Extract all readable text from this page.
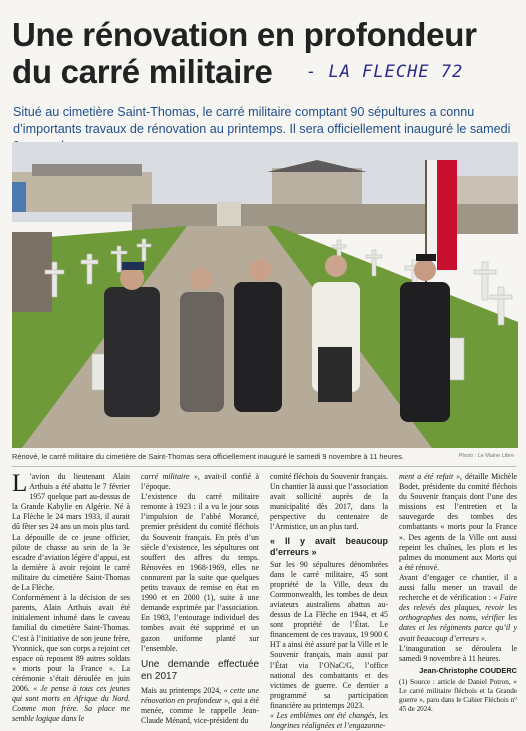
Une rénovation en profondeur
du carré militaire	- LA FLECHE 72
Situé au cimetière Saint-Thomas, le carré militaire comptant 90 sépultures a connu d’importants travaux de rénovation au printemps. Il sera officiellement inauguré le samedi
Rénové, le carré militaire du cimetière de Saint-Thomas sera officiellement inauguré le samedi 9 novembre à 11 heures.	Photo : Le Maine Libre

L ’avion du lieutenant Alain Arthuis a été abattu le 7 février 1957 quelque part au-dessus de la Grande Kabylie en Algérie. Né à La Flèche le 24 mars 1933, il aurait dû fêter ses 24 ans un mois plus tard. La dépouille de ce jeune officier, pilote de chasse au sein de la 3e escadre d’aviation légère d’appui, est la dernière à avoir rejoint le carré militaire du cimetière Saint-Thomas de La Flèche.

Conformément à la décision de ses parents, Alain Arthuis avait été initialement inhumé dans le caveau familial du cimetière Saint-Thomas. C’est à l’initiative de son jeune frère, Yvonnick, que son corps a rejoint cet espace où reposent 89 autres soldats « morts pour la France ». La cérémonie s’était déroulée en juin 2006. « Je pense à tous ces jeunes qui sont morts en Afrique du Nord. Comme mon frère. Sa place me semble logique dans le

carré militaire », avait-il confié à l’époque.

L’existence du carré militaire remonte à 1923 : il a vu le jour sous l’impulsion de l’abbé Morancé, premier président du comité fléchois du Souvenir français. En près d’un siècle d’existence, les sépultures ont souffert des affres du temps. Rénovées en 1968-1969, elles ne connurent par la suite que quelques petits travaux de remise en état en 1990 et en 2000 (1), suite à une demande exprimée par l’association. En 1983, l’entourage individuel des tombes avait été supprimé et un gazon uniforme planté sur l’ensemble.

Une demande effectuée en 2017

Mais au printemps 2024, « cette une rénovation en profondeur », qui a été menée, comme le rappelle Jean-Claude Ménard, vice-président du

comité fléchois du Souvenir français. Un chantier là aussi que l’association avait sollicité auprès de la municipalité dès 2017, dans la perspective du centenaire de l’Armistice, un an plus tard.

« Il y avait beaucoup d’erreurs »

Sur les 90 sépultures dénombrées dans le carré militaire, 45 sont propriété de la Ville, deux du Commonwealth, les tombes de deux aviateurs australiens abattus au-dessus de La Flèche en 1944, et 45 sont propriété de l’État. Le financement de ces travaux, 19 900 € HT a ainsi été assuré par la Ville et le Souvenir français, mais aussi par l’État via l’ONaC/G, l’office national des combattants et des victimes de guerre. Ce dernier a programmé sa participation financière au printemps 2023.

« Les emblèmes ont été changés, les longrines réalignées et l’engazonne-

ment a été refait », détaille Michèle Bodet, présidente du comité fléchois du Souvenir français dont l’une des missions est l’entretien et la sauvegarde des tombes des combattants « morts pour la France ». Des agents de la Ville ont aussi repeint les chaînes, les plots et les palmes du monument aux Morts qui a été rénové.

Avant d’engager ce chantier, il a aussi fallu mener un travail de recherche et de vérification : « Faire des relevés des plaques, revoir les orthographes des noms, vérifier les dates et les régiments parce qu’il y avait beaucoup d’erreurs ».

L’inauguration se déroulera le samedi 9 novembre à 11 heures.

Jean-Christophe COUDERC
(1) Source : article de Daniel Potron, « Le carré militaire fléchois et la Grande guerre », paru dans le Cahier Fléchois n° 45 de 2024.
